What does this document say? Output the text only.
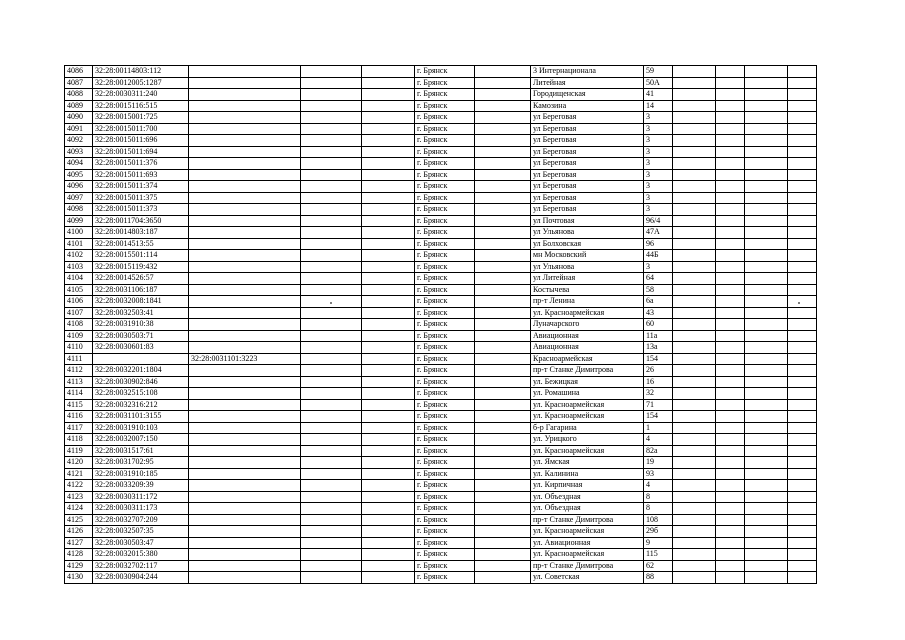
4086	32:28:00114803:112				г. Брянск		3 Интернационала	59				
4087	32:28:0012005:1287				г. Брянск		Литейная	50А				
4088	32:28:0030311:240				г. Брянск		Городищенская	41				
4089	32:28:0015116:515				г. Брянск		Камозина	14				
4090	32:28:0015001:725				г. Брянск		ул Береговая	3				
4091	32:28:0015011:700				г. Брянск		ул Береговая	3				
4092	32:28:0015011:696				г. Брянск		ул Береговая	3				
4093	32:28:0015011:694				г. Брянск		ул Береговая	3				
4094	32:28:0015011:376				г. Брянск		ул Береговая	3				
4095	32:28:0015011:693				г. Брянск		ул Береговая	3				
4096	32:28:0015011:374				г. Брянск		ул Береговая	3				
4097	32:28:0015011:375				г. Брянск		ул Береговая	3				
4098	32:28:0015011:373				г. Брянск		ул Береговая	3				
4099	32:28:0011704:3650				г. Брянск		ул Почтовая	96/4				
4100	32:28:0014803:187				г. Брянск		ул Ульянова	47А				
4101	32:28:0014513:55				г. Брянск		ул Болховская	96				
4102	32:28:0015501:114				г. Брянск		мн Московский	44Б				
4103	32:28:0015119:432				г. Брянск		ул Ульянова	3				
4104	32:28:0014526:57				г. Брянск		ул Литейная	64				
4105	32:28:0031106:187				г. Брянск		Костычева	58				
4106	32:28:0032008:1841				г. Брянск		пр-т Ленина	6а				
4107	32:28:0032503:41				г. Брянск		ул. Красноармейская	43				
4108	32:28:0031910:38				г. Брянск		Луначарского	60				
4109	32:28:0030503:71				г. Брянск		Авиационная	11а				
4110	32:28:0030601:83				г. Брянск		Авиационная	13а				
4111		32:28:0031101:3223			г. Брянск		Красноармейская	154				
4112	32:28:0032201:1804				г. Брянск		пр-т Станке Димитрова	26				
4113	32:28:0030902:846				г. Брянск		ул. Бежицкая	16				
4114	32:28:0032515:108				г. Брянск		ул. Ромашина	32				
4115	32:28:0032316:212				г. Брянск		ул. Красноармейская	71				
4116	32:28:0031101:3155				г. Брянск		ул. Красноармейская	154				
4117	32:28:0031910:103				г. Брянск		б-р Гагарина	1				
4118	32:28:0032007:150				г. Брянск		ул. Урицкого	4				
4119	32:28:0031517:61				г. Брянск		ул. Красноармейская	82а				
4120	32:28:0031702:95				г. Брянск		ул. Ямская	19				
4121	32:28:0031910:185				г. Брянск		ул. Калинина	93				
4122	32:28:0033209:39				г. Брянск		ул. Кирпичная	4				
4123	32:28:0030311:172				г. Брянск		ул. Объездная	8				
4124	32:28:0030311:173				г. Брянск		ул. Объездная	8				
4125	32:28:0032707:209				г. Брянск		пр-т Станке Димитрова	108				
4126	32:28:0032507:35				г. Брянск		ул. Красноармейская	29б				
4127	32:28:0030503:47				г. Брянск		ул. Авиационная	9				
4128	32:28:0032015:380				г. Брянск		ул. Красноармейская	115				
4129	32:28:0032702:117				г. Брянск		пр-т Станке Димитрова	62				
4130	32:28:0030904:244				г. Брянск		ул. Советская	88				
